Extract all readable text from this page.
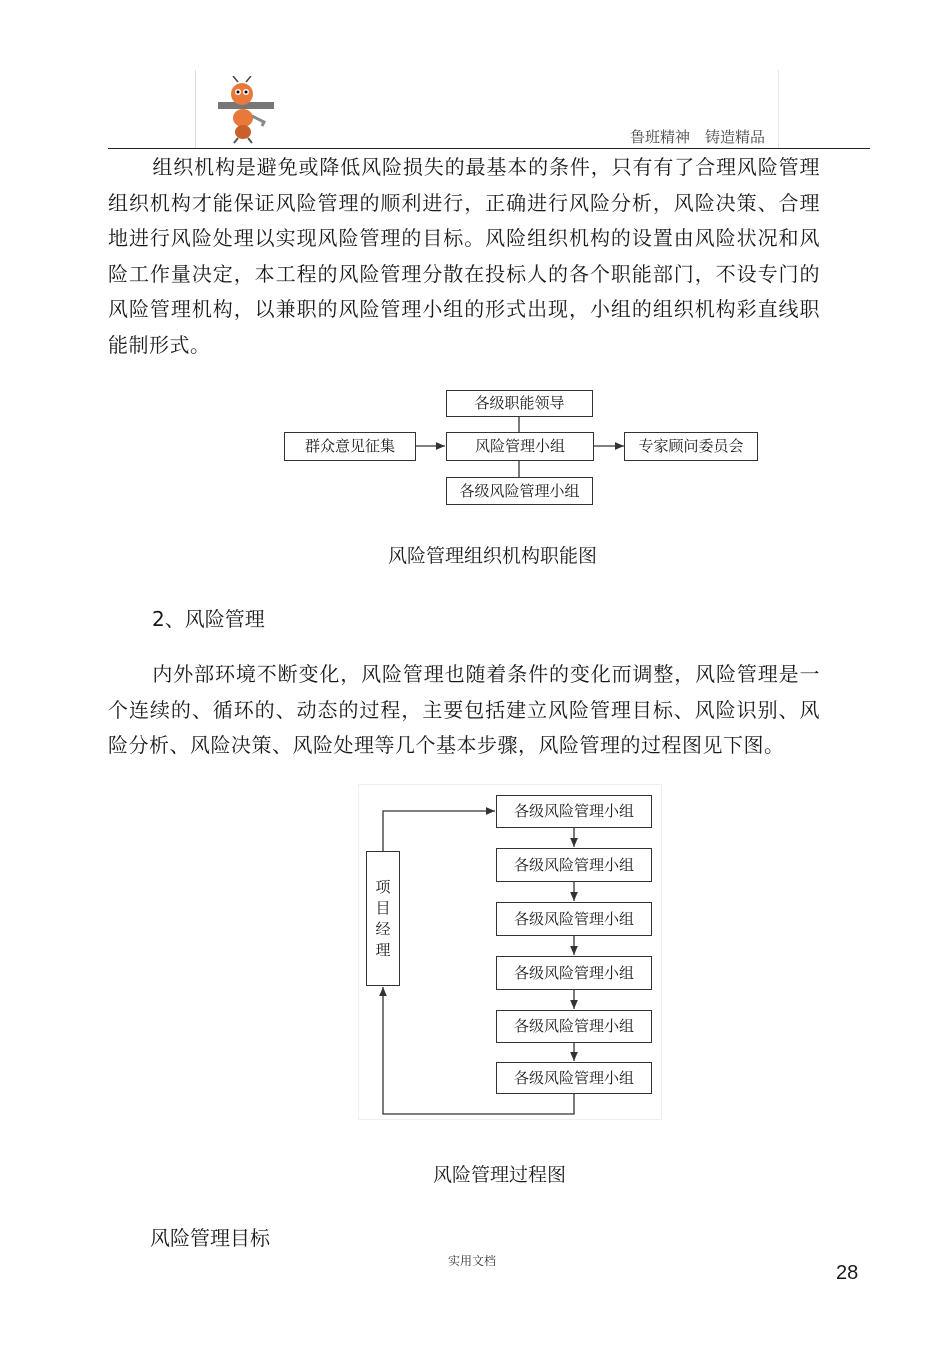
鲁班精神　铸造精品

组织机构是避免或降低风险损失的最基本的条件，只有有了合理风险管理组织机构才能保证风险管理的顺利进行，正确进行风险分析，风险决策、合理地进行风险处理以实现风险管理的目标。风险组织机构的设置由风险状况和风险工作量决定，本工程的风险管理分散在投标人的各个职能部门，不设专门的风险管理机构，以兼职的风险管理小组的形式出现，小组的组织机构彩直线职能制形式。

各级职能领导
群众意见征集	风险管理小组	专家顾问委员会
各级风险管理小组
风险管理组织机构职能图
2、风险管理

内外部环境不断变化，风险管理也随着条件的变化而调整，风险管理是一个连续的、循环的、动态的过程，主要包括建立风险管理目标、风险识别、风险分析、风险决策、风险处理等几个基本步骤，风险管理的过程图见下图。

项
目
经
理
各级风险管理小组
各级风险管理小组
各级风险管理小组
各级风险管理小组
各级风险管理小组
各级风险管理小组
风险管理过程图
风险管理目标
实用文档
28
